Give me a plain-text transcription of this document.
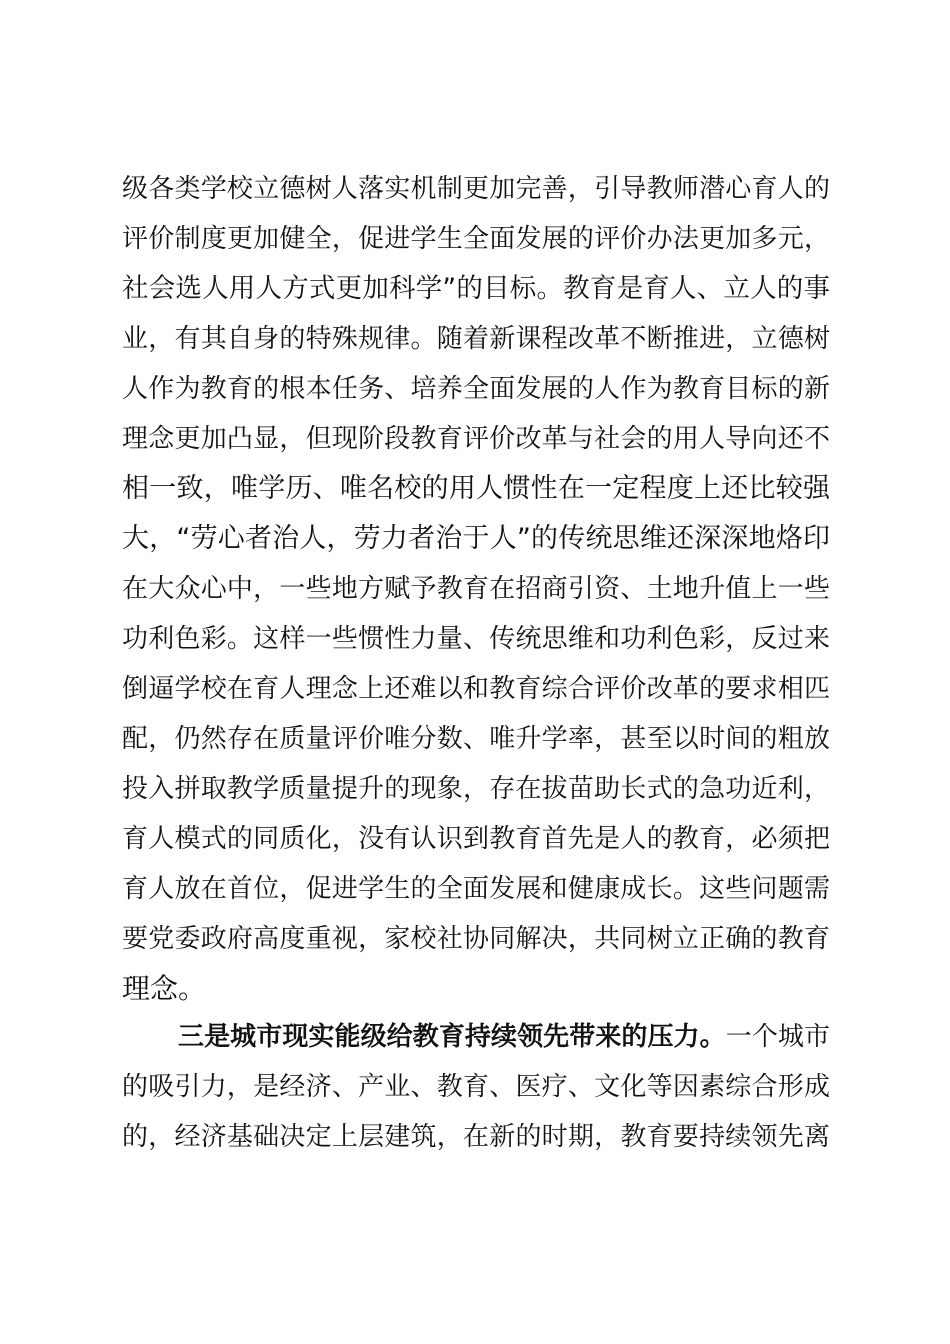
级各类学校立德树人落实机制更加完善，引导教师潜心育人的
评价制度更加健全，促进学生全面发展的评价办法更加多元，
社会选人用人方式更加科学”的目标。教育是育人、立人的事
业，有其自身的特殊规律。随着新课程改革不断推进，立德树
人作为教育的根本任务、培养全面发展的人作为教育目标的新
理念更加凸显，但现阶段教育评价改革与社会的用人导向还不
相一致，唯学历、唯名校的用人惯性在一定程度上还比较强
大，“劳心者治人，劳力者治于人”的传统思维还深深地烙印
在大众心中，一些地方赋予教育在招商引资、土地升值上一些
功利色彩。这样一些惯性力量、传统思维和功利色彩，反过来
倒逼学校在育人理念上还难以和教育综合评价改革的要求相匹
配，仍然存在质量评价唯分数、唯升学率，甚至以时间的粗放
投入拼取教学质量提升的现象，存在拔苗助长式的急功近利，
育人模式的同质化，没有认识到教育首先是人的教育，必须把
育人放在首位，促进学生的全面发展和健康成长。这些问题需
要党委政府高度重视，家校社协同解决，共同树立正确的教育
理念。
三是城市现实能级给教育持续领先带来的压力。一个城市
的吸引力，是经济、产业、教育、医疗、文化等因素综合形成
的，经济基础决定上层建筑，在新的时期，教育要持续领先离
